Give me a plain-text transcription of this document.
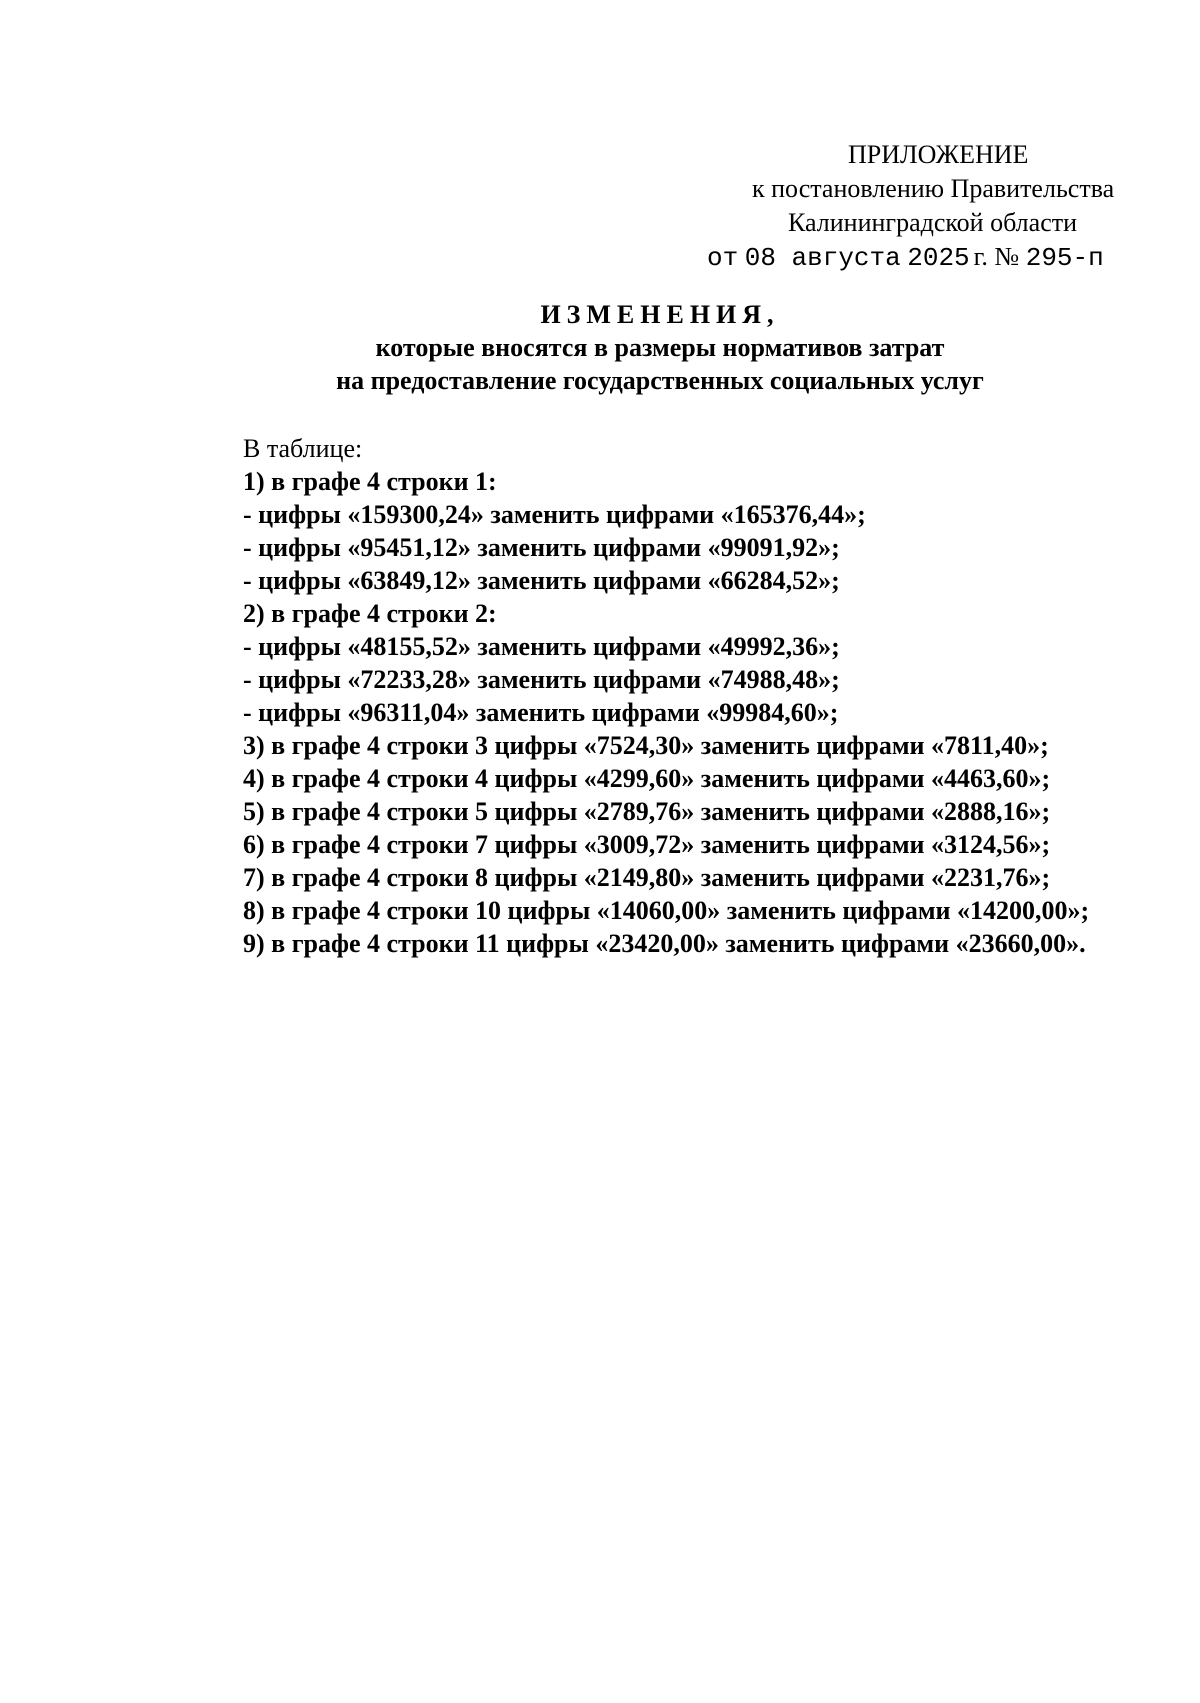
ПРИЛОЖЕНИЕ
к постановлению Правительства
Калининградской области
от 08 августа 2025 г. № 295-п
ИЗМЕНЕНИЯ,
которые вносятся в размеры нормативов затрат
на предоставление государственных социальных услуг
В таблице:
1) в графе 4 строки 1:
- цифры «159300,24» заменить цифрами «165376,44»;
- цифры «95451,12» заменить цифрами «99091,92»;
- цифры «63849,12» заменить цифрами «66284,52»;
2) в графе 4 строки 2:
- цифры «48155,52» заменить цифрами «49992,36»;
- цифры «72233,28» заменить цифрами «74988,48»;
- цифры «96311,04» заменить цифрами «99984,60»;
3) в графе 4 строки 3 цифры «7524,30» заменить цифрами «7811,40»;
4) в графе 4 строки 4 цифры «4299,60» заменить цифрами «4463,60»;
5) в графе 4 строки 5 цифры «2789,76» заменить цифрами «2888,16»;
6) в графе 4 строки 7 цифры «3009,72» заменить цифрами «3124,56»;
7) в графе 4 строки 8 цифры «2149,80» заменить цифрами «2231,76»;
8) в графе 4 строки 10 цифры «14060,00» заменить цифрами «14200,00»;
9) в графе 4 строки 11 цифры «23420,00» заменить цифрами «23660,00».
